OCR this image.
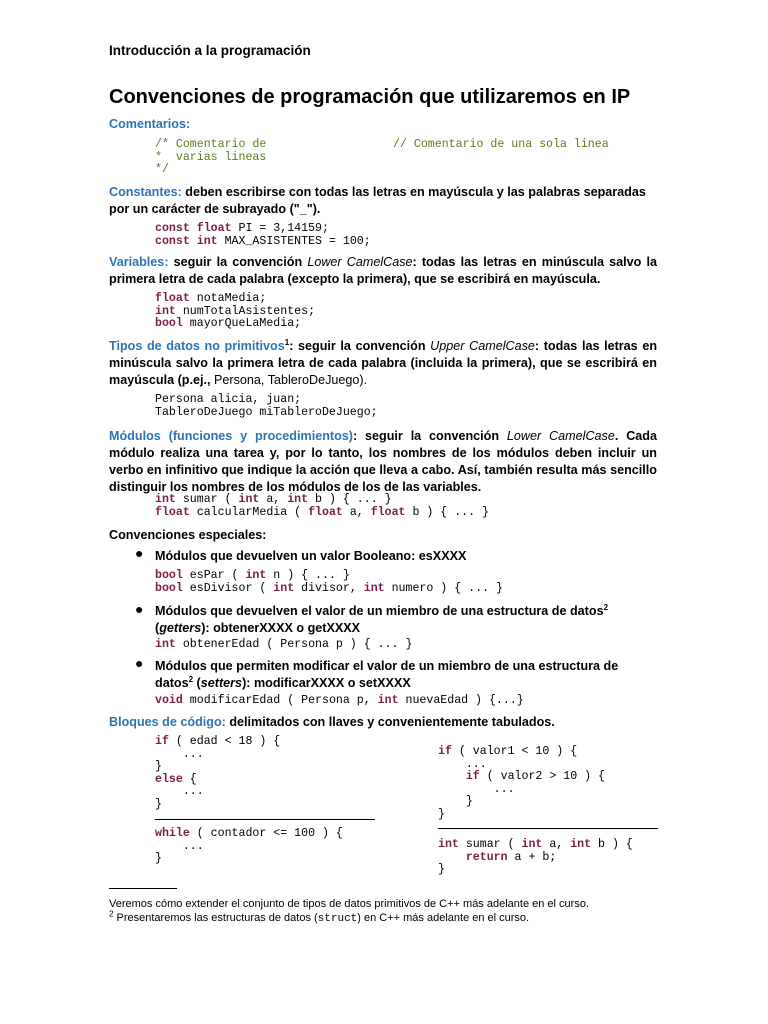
Introducción a la programación
Convenciones de programación que utilizaremos en IP
Comentarios:
/* Comentario de
*  varias lineas
*/
// Comentario de una sola linea
Constantes: deben escribirse con todas las letras en mayúscula y las palabras separadas por un carácter de subrayado ("_").
const float PI = 3,14159;
const int MAX_ASISTENTES = 100;
Variables: seguir la convención Lower CamelCase: todas las letras en minúscula salvo la primera letra de cada palabra (excepto la primera), que se escribirá en mayúscula.
float notaMedia;
int numTotalAsistentes;
bool mayorQueLaMedia;
Tipos de datos no primitivos$^1$: seguir la convención Upper CamelCase: todas las letras en minúscula salvo la primera letra de cada palabra (incluida la primera), que se escribirá en mayúscula (p.ej., Persona, TableroDeJuego).
Persona alicia, juan;
TableroDeJuego miTableroDeJuego;
Módulos (funciones y procedimientos): seguir la convención Lower CamelCase. Cada módulo realiza una tarea y, por lo tanto, los nombres de los módulos deben incluir un verbo en infinitivo que indique la acción que lleva a cabo. Así, también resulta más sencillo distinguir los nombres de los módulos de los de las variables.
int sumar ( int a, int b ) { ... }
float calcularMedia ( float a, float b ) { ... }
Convenciones especiales:
● Módulos que devuelven un valor Booleano: esXXXX
bool esPar ( int n ) { ... }
bool esDivisor ( int divisor, int numero ) { ... }
● Módulos que devuelven el valor de un miembro de una estructura de datos$^2$ (getters): obtenerXXXX o getXXXX
int obtenerEdad ( Persona p ) { ... }
● Módulos que permiten modificar el valor de un miembro de una estructura de datos$^2$ (setters): modificarXXXX o setXXXX
void modificarEdad ( Persona p, int nuevaEdad ) {...}
Bloques de código: delimitados con llaves y convenientemente tabulados.
if ( edad < 18 ) {
...
}
else {
...
}
while ( contador <= 100 ) {
...
}
if ( valor1 < 10 ) {
...
if ( valor2 > 10 ) {
...
}
}
int sumar ( int a, int b ) {
return a + b;
}
Veremos cómo extender el conjunto de tipos de datos primitivos de C++ más adelante en el curso.
$^2$ Presentaremos las estructuras de datos (struct) en C++ más adelante en el curso.
